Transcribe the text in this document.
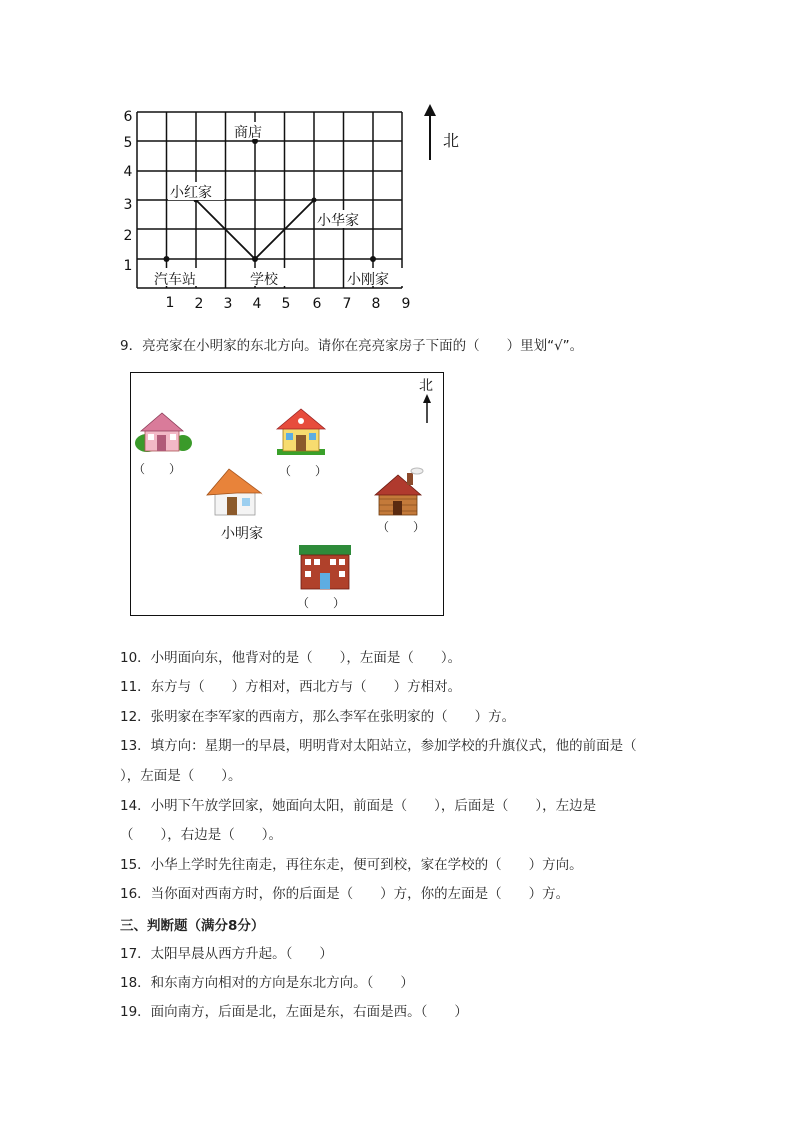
6
5
4
3
2
1
1 2 3 4 5 6 7 8 9
商店
小红家
小华家
汽车站	学校	小刚家
北
9．亮亮家在小明家的东北方向。请你在亮亮家房子下面的（　　）里划“√”。
北
（　　）	（　　）
小明家	（　　）
（　　）
10．小明面向东，他背对的是（　　），左面是（　　）。
11．东方与（　　）方相对，西北方与（　　）方相对。
12．张明家在李军家的西南方，那么李军在张明家的（　　）方。
13．填方向：星期一的早晨，明明背对太阳站立，参加学校的升旗仪式，他的前面是（
），左面是（　　）。
14．小明下午放学回家，她面向太阳，前面是（　　），后面是（　　），左边是
（　　），右边是（　　）。
15．小华上学时先往南走，再往东走，便可到校，家在学校的（　　）方向。
16．当你面对西南方时，你的后面是（　　）方，你的左面是（　　）方。
三、判断题（满分8分）
17．太阳早晨从西方升起。（　　）
18．和东南方向相对的方向是东北方向。（　　）
19．面向南方，后面是北，左面是东，右面是西。（　　）
